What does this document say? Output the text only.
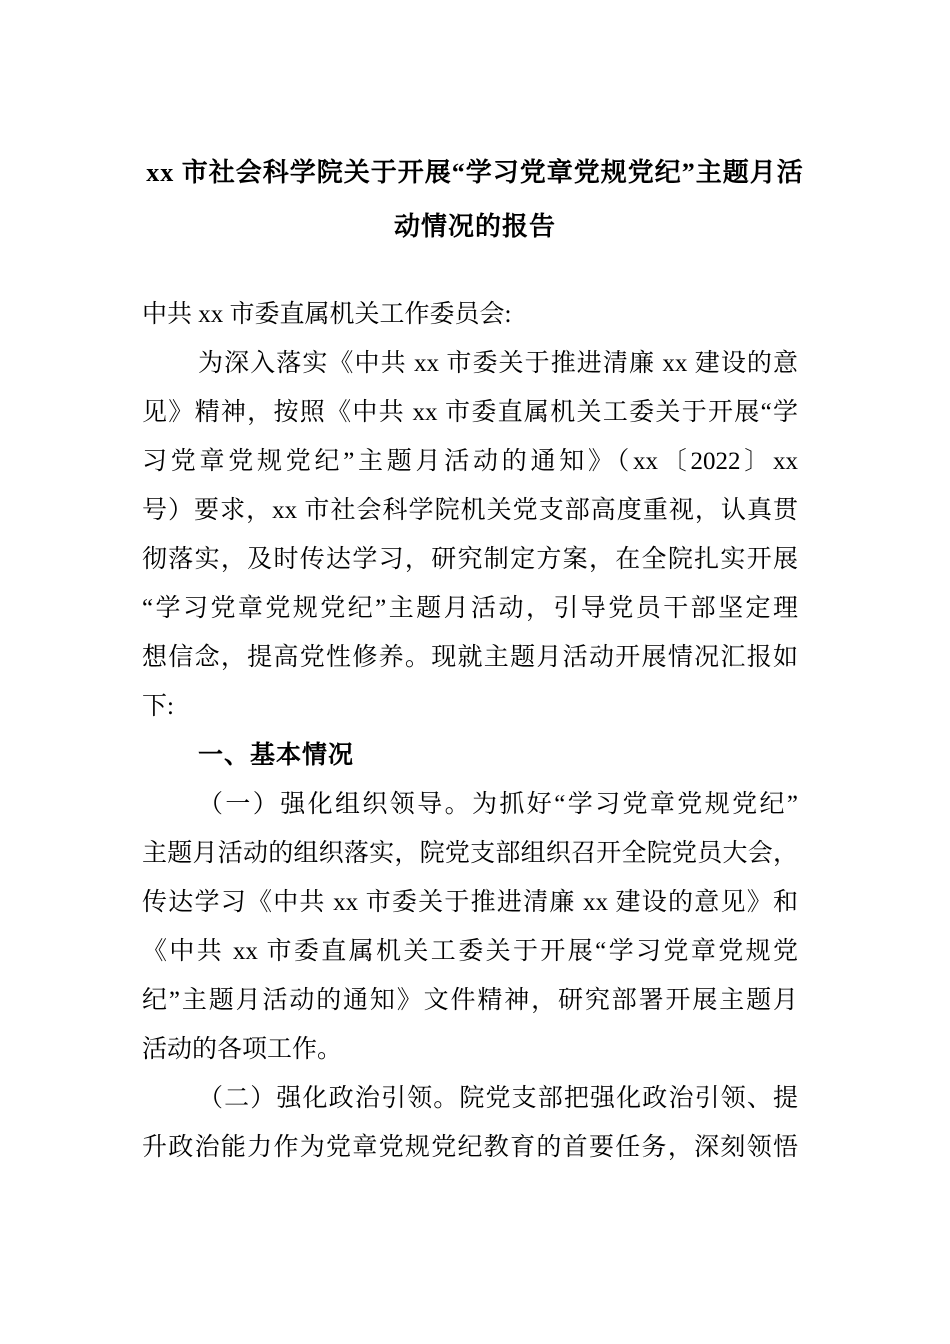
xx 市社会科学院关于开展“学习党章党规党纪”主题月活
动情况的报告
中共 xx 市委直属机关工作委员会:
为深入落实《中共 xx 市委关于推进清廉 xx 建设的意
见》精神，按照《中共 xx 市委直属机关工委关于开展“学
习党章党规党纪”主题月活动的通知》（xx〔2022〕xx
号）要求，xx 市社会科学院机关党支部高度重视，认真贯
彻落实，及时传达学习，研究制定方案，在全院扎实开展
“学习党章党规党纪”主题月活动，引导党员干部坚定理
想信念，提高党性修养。现就主题月活动开展情况汇报如
下:
一、基本情况
（一）强化组织领导。为抓好“学习党章党规党纪”
主题月活动的组织落实，院党支部组织召开全院党员大会，
传达学习《中共 xx 市委关于推进清廉 xx 建设的意见》和
《中共 xx 市委直属机关工委关于开展“学习党章党规党
纪”主题月活动的通知》文件精神，研究部署开展主题月
活动的各项工作。
（二）强化政治引领。院党支部把强化政治引领、提
升政治能力作为党章党规党纪教育的首要任务，深刻领悟
